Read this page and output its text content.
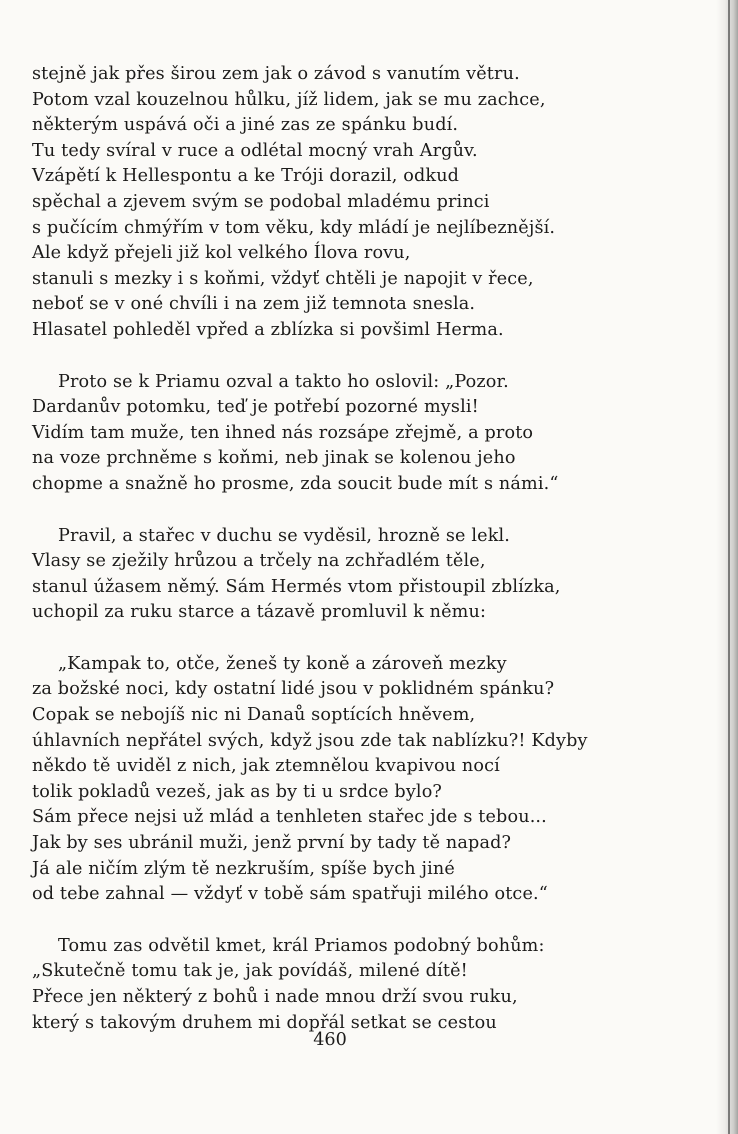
stejně jak přes širou zem jak o závod s vanutím větru.
Potom vzal kouzelnou hůlku, jíž lidem, jak se mu zachce,
některým uspává oči a jiné zas ze spánku budí.
Tu tedy svíral v ruce a odlétal mocný vrah Argův.
Vzápětí k Hellespontu a ke Tróji dorazil, odkud
spěchal a zjevem svým se podobal mladému princi
s pučícím chmýřím v tom věku, kdy mládí je nejlíbeznější.
Ale když přejeli již kol velkého Ílova rovu,
stanuli s mezky i s koňmi, vždyť chtěli je napojit v řece,
neboť se v oné chvíli i na zem již temnota snesla.
Hlasatel pohleděl vpřed a zblízka si povšiml Herma.
Proto se k Priamu ozval a takto ho oslovil: „Pozor.
Dardanův potomku, teď je potřebí pozorné mysli!
Vidím tam muže, ten ihned nás rozsápe zřejmě, a proto
na voze prchněme s koňmi, neb jinak se kolenou jeho
chopme a snažně ho prosme, zda soucit bude mít s námi.“
Pravil, a stařec v duchu se vyděsil, hrozně se lekl.
Vlasy se zježily hrůzou a trčely na zchřadlém těle,
stanul úžasem němý. Sám Hermés vtom přistoupil zblízka,
uchopil za ruku starce a tázavě promluvil k němu:
„Kampak to, otče, ženeš ty koně a zároveň mezky
za božské noci, kdy ostatní lidé jsou v poklidném spánku?
Copak se nebojíš nic ni Danaů soptících hněvem,
úhlavních nepřátel svých, když jsou zde tak nablízku?! Kdyby
někdo tě uviděl z nich, jak ztemnělou kvapivou nocí
tolik pokladů vezeš, jak as by ti u srdce bylo?
Sám přece nejsi už mlád a tenhleten stařec jde s tebou...
Jak by ses ubránil muži, jenž první by tady tě napad?
Já ale ničím zlým tě nezkruším, spíše bych jiné
od tebe zahnal — vždyť v tobě sám spatřuji milého otce.“
Tomu zas odvětil kmet, král Priamos podobný bohům:
„Skutečně tomu tak je, jak povídáš, milené dítě!
Přece jen některý z bohů i nade mnou drží svou ruku,
který s takovým druhem mi dopřál setkat se cestou
460
